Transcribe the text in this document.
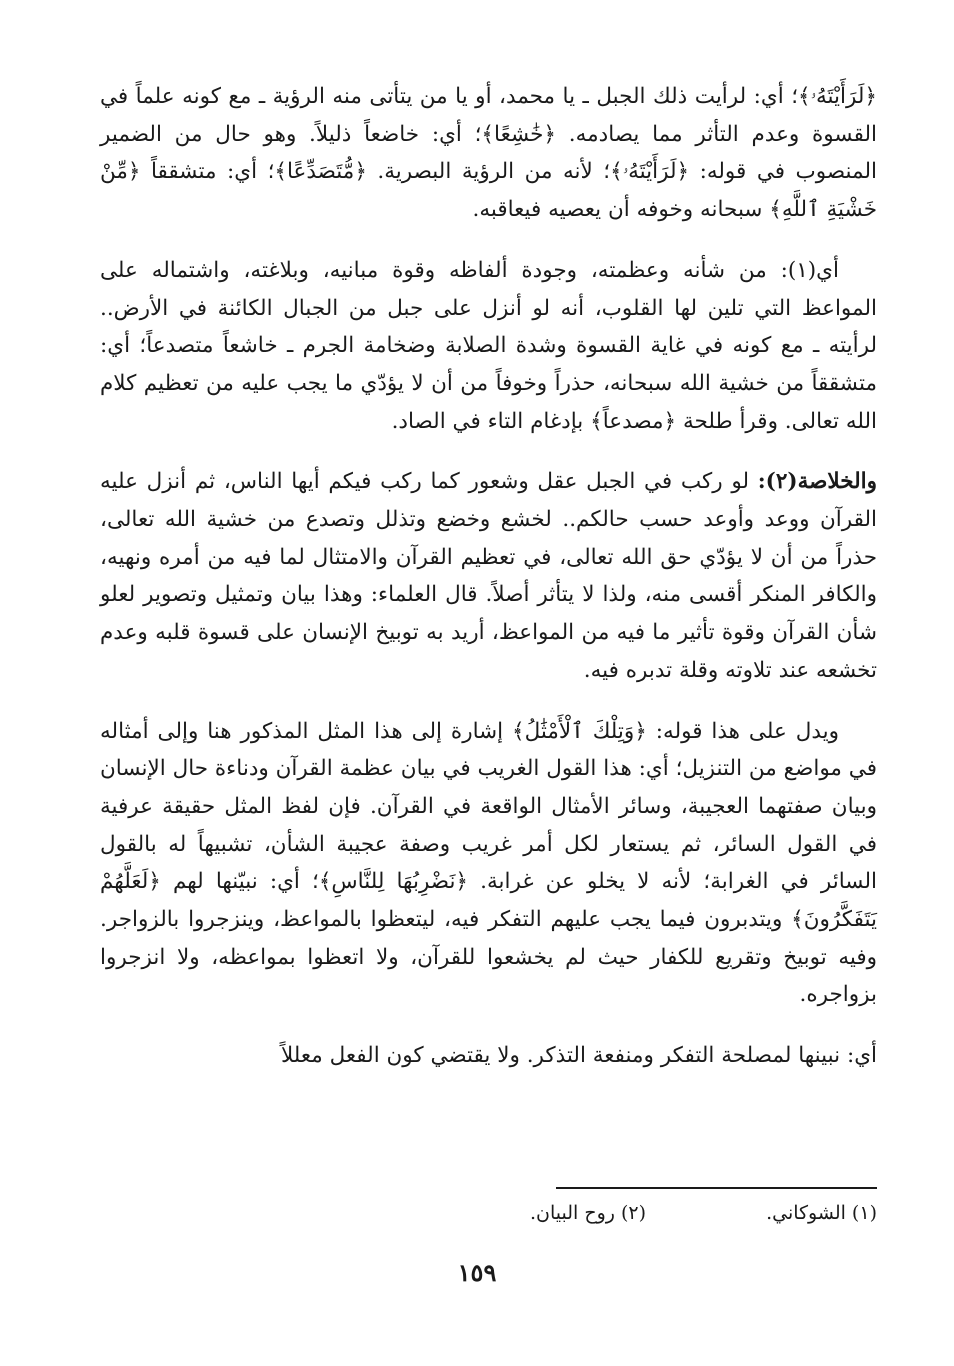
﴿لَرَأَيْتَهُۥ﴾؛ أي: لرأيت ذلك الجبل ـ يا محمد، أو يا من يتأتى منه الرؤية ـ مع كونه علماً في القسوة وعدم التأثر مما يصادمه. ﴿خَٰشِعًا﴾؛ أي: خاضعاً ذليلاً. وهو حال من الضمير المنصوب في قوله: ﴿لَرَأَيْتَهُۥ﴾؛ لأنه من الرؤية البصرية. ﴿مُّتَصَدِّعًا﴾؛ أي: متشققاً ﴿مِّنْ خَشْيَةِ ٱللَّهِ﴾ سبحانه وخوفه أن يعصيه فيعاقبه.

أي(١): من شأنه وعظمته، وجودة ألفاظه وقوة مبانيه، وبلاغته، واشتماله على المواعظ التي تلين لها القلوب، أنه لو أنزل على جبل من الجبال الكائنة في الأرض.. لرأيته ـ مع كونه في غاية القسوة وشدة الصلابة وضخامة الجرم ـ خاشعاً متصدعاً؛ أي: متشققاً من خشية الله سبحانه، حذراً وخوفاً من أن لا يؤدّي ما يجب عليه من تعظيم كلام الله تعالى. وقرأ طلحة ﴿مصدعاً﴾ بإدغام التاء في الصاد.

والخلاصة(٢): لو ركب في الجبل عقل وشعور كما ركب فيكم أيها الناس، ثم أنزل عليه القرآن ووعد وأوعد حسب حالكم.. لخشع وخضع وتذلل وتصدع من خشية الله تعالى، حذراً من أن لا يؤدّي حق الله تعالى، في تعظيم القرآن والامتثال لما فيه من أمره ونهيه، والكافر المنكر أقسى منه، ولذا لا يتأثر أصلاً. قال العلماء: وهذا بيان وتمثيل وتصوير لعلو شأن القرآن وقوة تأثير ما فيه من المواعظ، أريد به توبيخ الإنسان على قسوة قلبه وعدم تخشعه عند تلاوته وقلة تدبره فيه.

ويدل على هذا قوله: ﴿وَتِلْكَ ٱلْأَمْثَٰلُ﴾ إشارة إلى هذا المثل المذكور هنا وإلى أمثاله في مواضع من التنزيل؛ أي: هذا القول الغريب في بيان عظمة القرآن ودناءة حال الإنسان وبيان صفتهما العجيبة، وسائر الأمثال الواقعة في القرآن. فإن لفظ المثل حقيقة عرفية في القول السائر، ثم يستعار لكل أمر غريب وصفة عجيبة الشأن، تشبيهاً له بالقول السائر في الغرابة؛ لأنه لا يخلو عن غرابة. ﴿نَضْرِبُهَا لِلنَّاسِ﴾؛ أي: نبيّنها لهم ﴿لَعَلَّهُمْ يَتَفَكَّرُونَ﴾ ويتدبرون فيما يجب عليهم التفكر فيه، ليتعظوا بالمواعظ، وينزجروا بالزواجر. وفيه توبيخ وتقريع للكفار حيث لم يخشعوا للقرآن، ولا اتعظوا بمواعظه، ولا انزجروا بزواجره.

أي: نبينها لمصلحة التفكر ومنفعة التذكر. ولا يقتضي كون الفعل معللاً

(١) الشوكاني.
(٢) روح البيان.
١٥٩
